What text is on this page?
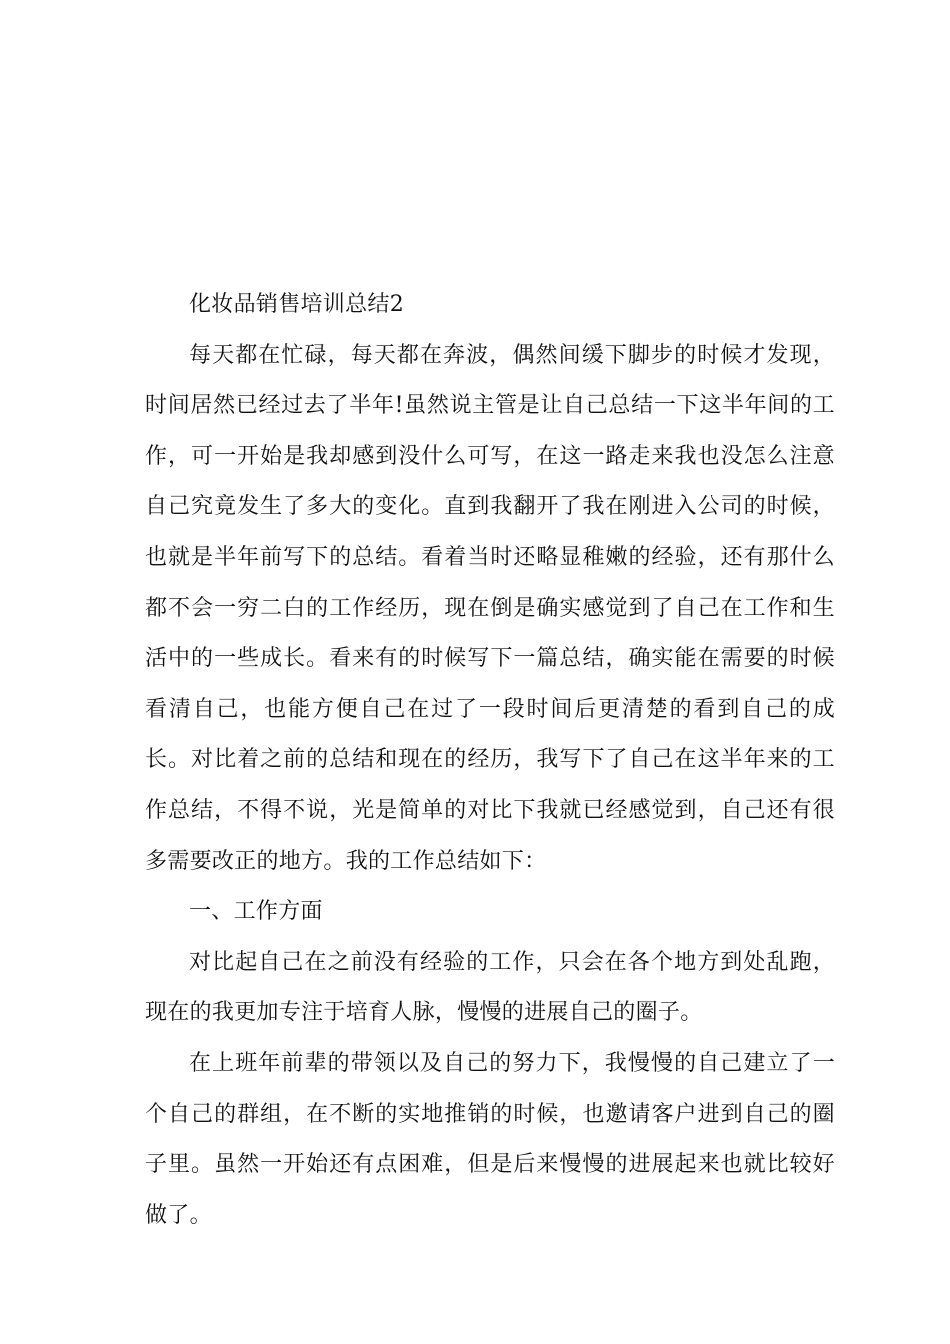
化妆品销售培训总结2

每天都在忙碌，每天都在奔波，偶然间缓下脚步的时候才发现，时间居然已经过去了半年!虽然说主管是让自己总结一下这半年间的工作，可一开始是我却感到没什么可写，在这一路走来我也没怎么注意自己究竟发生了多大的变化。直到我翻开了我在刚进入公司的时候，也就是半年前写下的总结。看着当时还略显稚嫩的经验，还有那什么都不会一穷二白的工作经历，现在倒是确实感觉到了自己在工作和生活中的一些成长。看来有的时候写下一篇总结，确实能在需要的时候看清自己，也能方便自己在过了一段时间后更清楚的看到自己的成长。对比着之前的总结和现在的经历，我写下了自己在这半年来的工作总结，不得不说，光是简单的对比下我就已经感觉到，自己还有很多需要改正的地方。我的工作总结如下：

一、工作方面

对比起自己在之前没有经验的工作，只会在各个地方到处乱跑，现在的我更加专注于培育人脉，慢慢的进展自己的圈子。

在上班年前辈的带领以及自己的努力下，我慢慢的自己建立了一个自己的群组，在不断的实地推销的时候，也邀请客户进到自己的圈子里。虽然一开始还有点困难，但是后来慢慢的进展起来也就比较好做了。
